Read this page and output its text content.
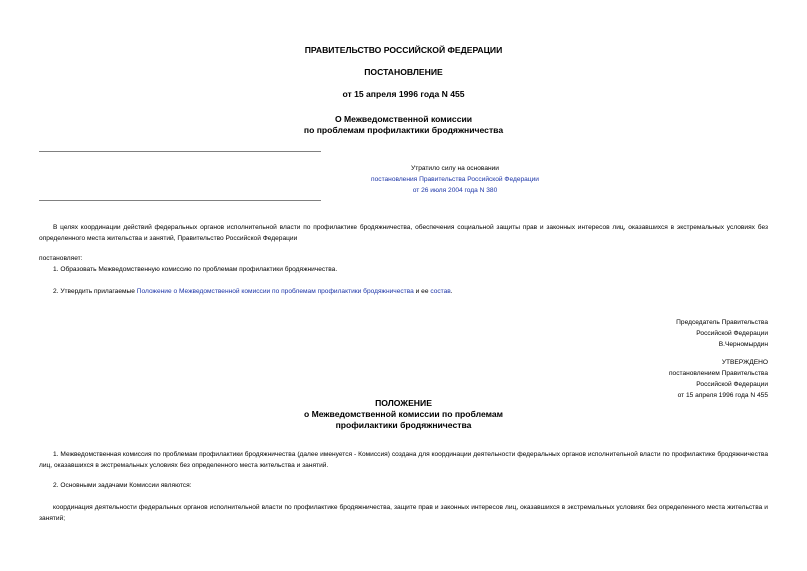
ПРАВИТЕЛЬСТВО РОССИЙСКОЙ ФЕДЕРАЦИИ
ПОСТАНОВЛЕНИЕ
от 15 апреля 1996 года N 455
О Межведомственной комиссии
по проблемам профилактики бродяжничества
Утратило силу на основании
постановления Правительства Российской Федерации
от 26 июля 2004 года N 380
В целях координации действий федеральных органов исполнительной власти по профилактике бродяжничества, обеспечения социальной защиты прав и законных интересов лиц, оказавшихся в экстремальных условиях без определенного места жительства и занятий, Правительство Российской Федерации
постановляет:
1. Образовать Межведомственную комиссию по проблемам профилактики бродяжничества.
2. Утвердить прилагаемые Положение о Межведомственной комиссии по проблемам профилактики бродяжничества и ее состав.
Председатель Правительства
Российской Федерации
В.Черномырдин
УТВЕРЖДЕНО
постановлением Правительства
Российской Федерации
от 15 апреля 1996 года N 455
ПОЛОЖЕНИЕ
о Межведомственной комиссии по проблемам
профилактики бродяжничества
1. Межведомственная комиссия по проблемам профилактики бродяжничества (далее именуется - Комиссия) создана для координации деятельности федеральных органов исполнительной власти по профилактике бродяжничества лиц, оказавшихся в экстремальных условиях без определенного места жительства и занятий.
2. Основными задачами Комиссии являются:
координация деятельности федеральных органов исполнительной власти по профилактике бродяжничества, защите прав и законных интересов лиц, оказавшихся в экстремальных условиях без определенного места жительства и занятий;
